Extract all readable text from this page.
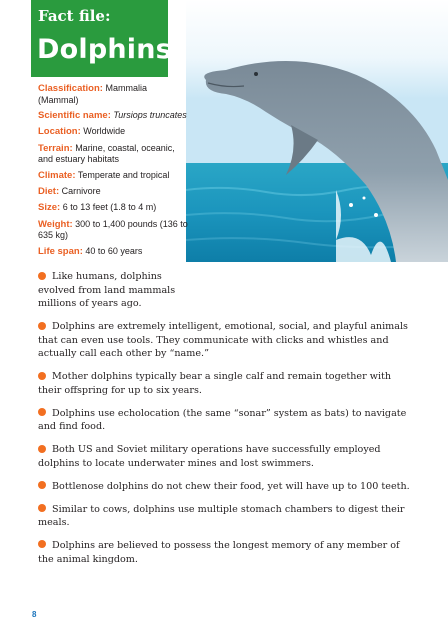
Fact file:
Dolphins
Classification: Mammalia (Mammal)
Scientific name: Tursiops truncates
Location: Worldwide
Terrain: Marine, coastal, oceanic, and estuary habitats
Climate: Temperate and tropical
Diet: Carnivore
Size: 6 to 13 feet (1.8 to 4 m)
Weight: 300 to 1,400 pounds (136 to 635 kg)
Life span: 40 to 60 years
Like humans, dolphins evolved from land mammals millions of years ago.
Dolphins are extremely intelligent, emotional, social, and playful animals that can even use tools. They communicate with clicks and whistles and actually call each other by “name.”
Mother dolphins typically bear a single calf and remain together with their offspring for up to six years.
Dolphins use echolocation (the same “sonar” system as bats) to navigate and find food.
Both US and Soviet military operations have successfully employed dolphins to locate underwater mines and lost swimmers.
Bottlenose dolphins do not chew their food, yet will have up to 100 teeth.
Similar to cows, dolphins use multiple stomach chambers to digest their meals.
Dolphins are believed to possess the longest memory of any member of the animal kingdom.
8
